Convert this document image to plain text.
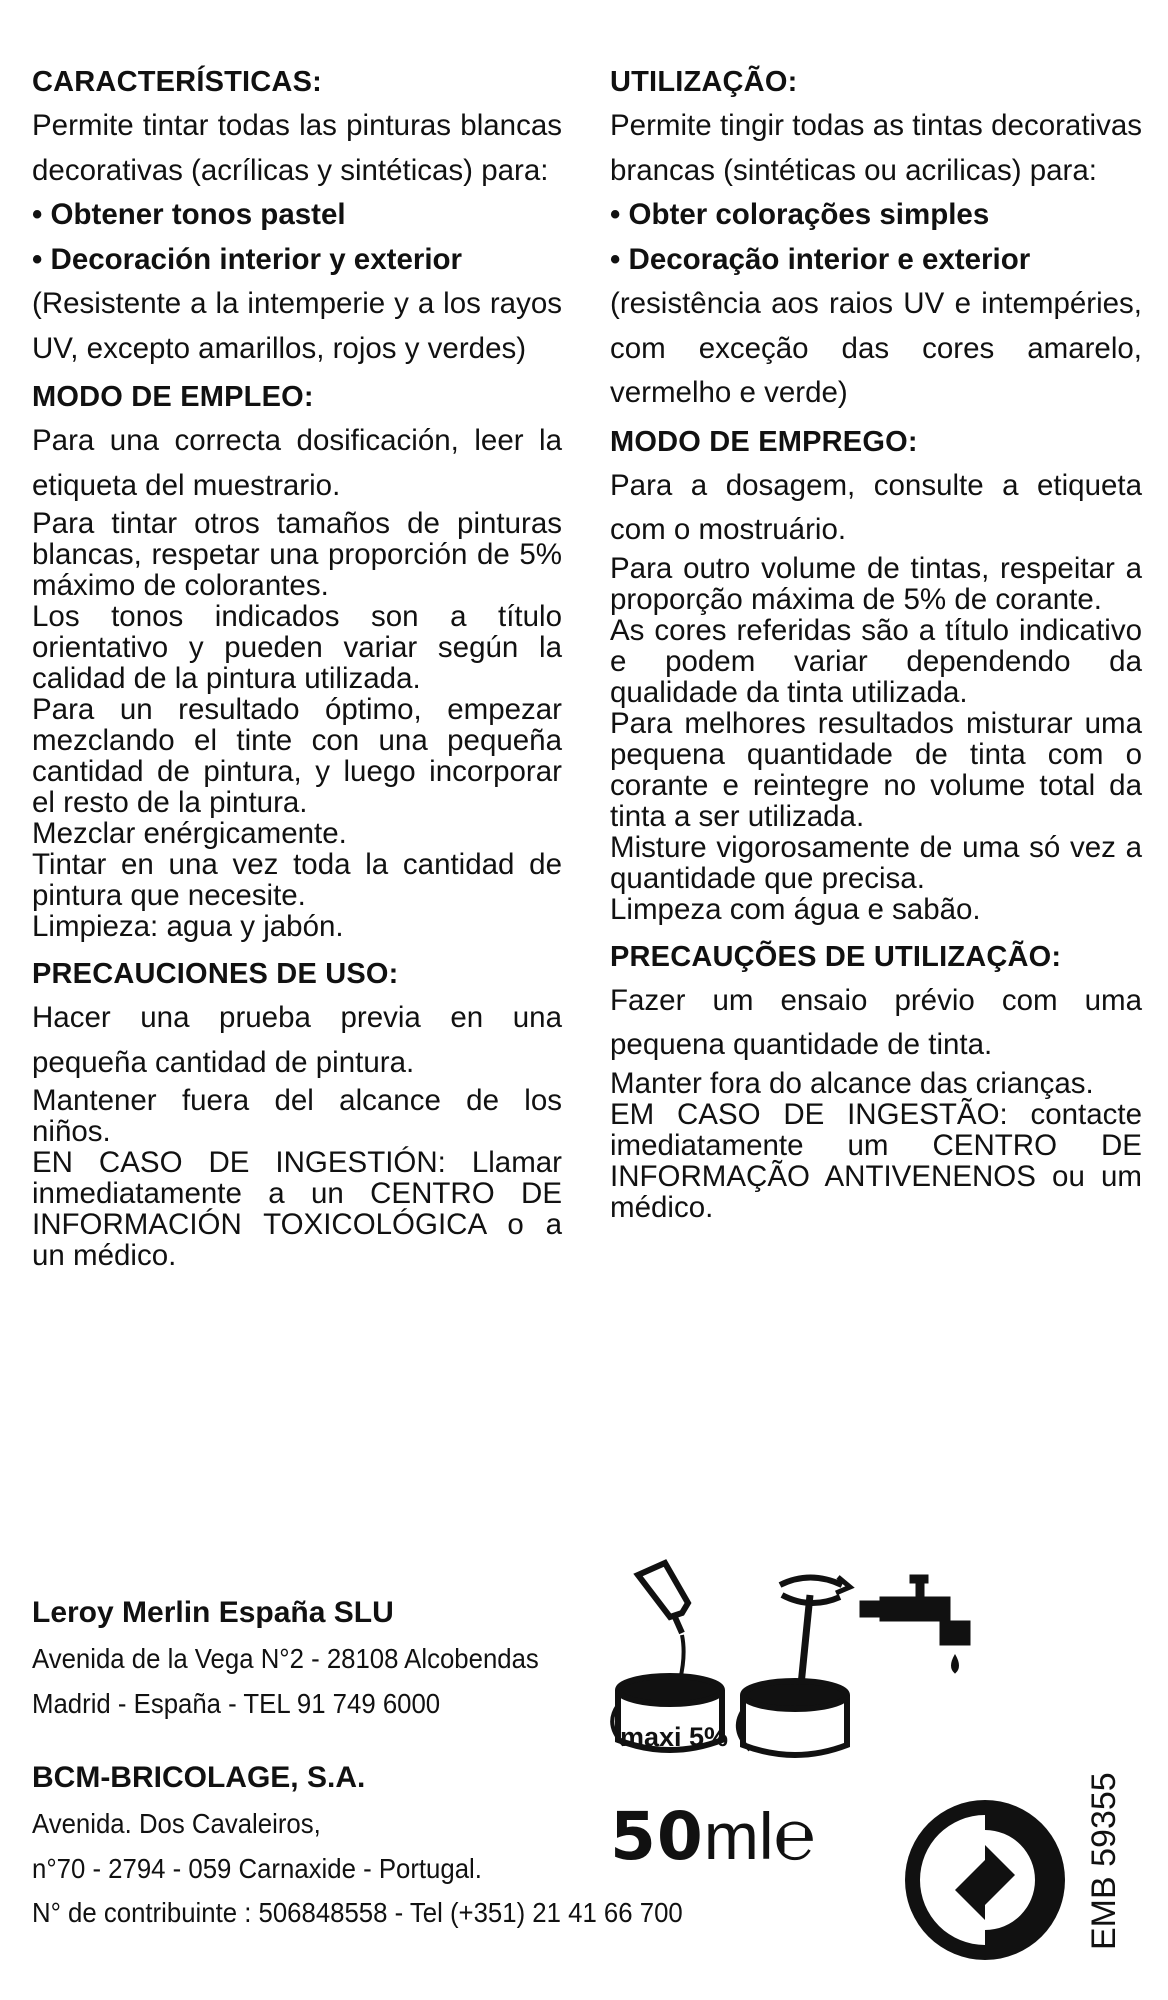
CARACTERÍSTICAS:

Permite tintar todas las pinturas blancas decorativas (acrílicas y sintéticas) para:

• Obtener tonos pastel

• Decoración interior y exterior

(Resistente a la intemperie y a los rayos UV, excepto amarillos, rojos y verdes)

MODO DE EMPLEO:

Para una correcta dosificación, leer la etiqueta del muestrario.

Para tintar otros tamaños de pinturas blancas, respetar una proporción de 5% máximo de colorantes.

Los tonos indicados son a título orientativo y pueden variar según la calidad de la pintura utilizada.

Para un resultado óptimo, empezar mezclando el tinte con una pequeña cantidad de pintura, y luego incorporar el resto de la pintura.

Mezclar enérgicamente.

Tintar en una vez toda la cantidad de pintura que necesite.

Limpieza: agua y jabón.

PRECAUCIONES DE USO:

Hacer una prueba previa en una pequeña cantidad de pintura.

Mantener fuera del alcance de los niños.

EN CASO DE INGESTIÓN: Llamar inmediatamente a un CENTRO DE INFORMACIÓN TOXICOLÓGICA o a un médico.

UTILIZAÇÃO:

Permite tingir todas as tintas decorativas brancas (sintéticas ou acrilicas) para:

• Obter colorações simples

• Decoração interior e exterior

(resistência aos raios UV e intempéries, com exceção das cores amarelo, vermelho e verde)

MODO DE EMPREGO:

Para a dosagem, consulte a etiqueta com o mostruário.

Para outro volume de tintas, respeitar a proporção máxima de 5% de corante.

As cores referidas são a título indicativo e podem variar dependendo da qualidade da tinta utilizada.

Para melhores resultados misturar uma pequena quantidade de tinta com o corante e reintegre no volume total da tinta a ser utilizada.

Misture vigorosamente de uma só vez a quantidade que precisa.

Limpeza com água e sabão.

PRECAUÇÕES DE UTILIZAÇÃO:

Fazer um ensaio prévio com uma pequena quantidade de tinta.

Manter fora do alcance das crianças.

EM CASO DE INGESTÃO: contacte imediatamente um CENTRO DE INFORMAÇÃO ANTIVENENOS ou um médico.

Leroy Merlin España SLU

Avenida de la Vega N°2 - 28108 Alcobendas

Madrid - España - TEL 91 749 6000

BCM-BRICOLAGE, S.A.

Avenida. Dos Cavaleiros,

n°70 - 2794 - 059 Carnaxide - Portugal.

N° de contribuinte : 506848558 - Tel (+351) 21 41 66 700
maxi 5%
50ml℮	EMB 59355
